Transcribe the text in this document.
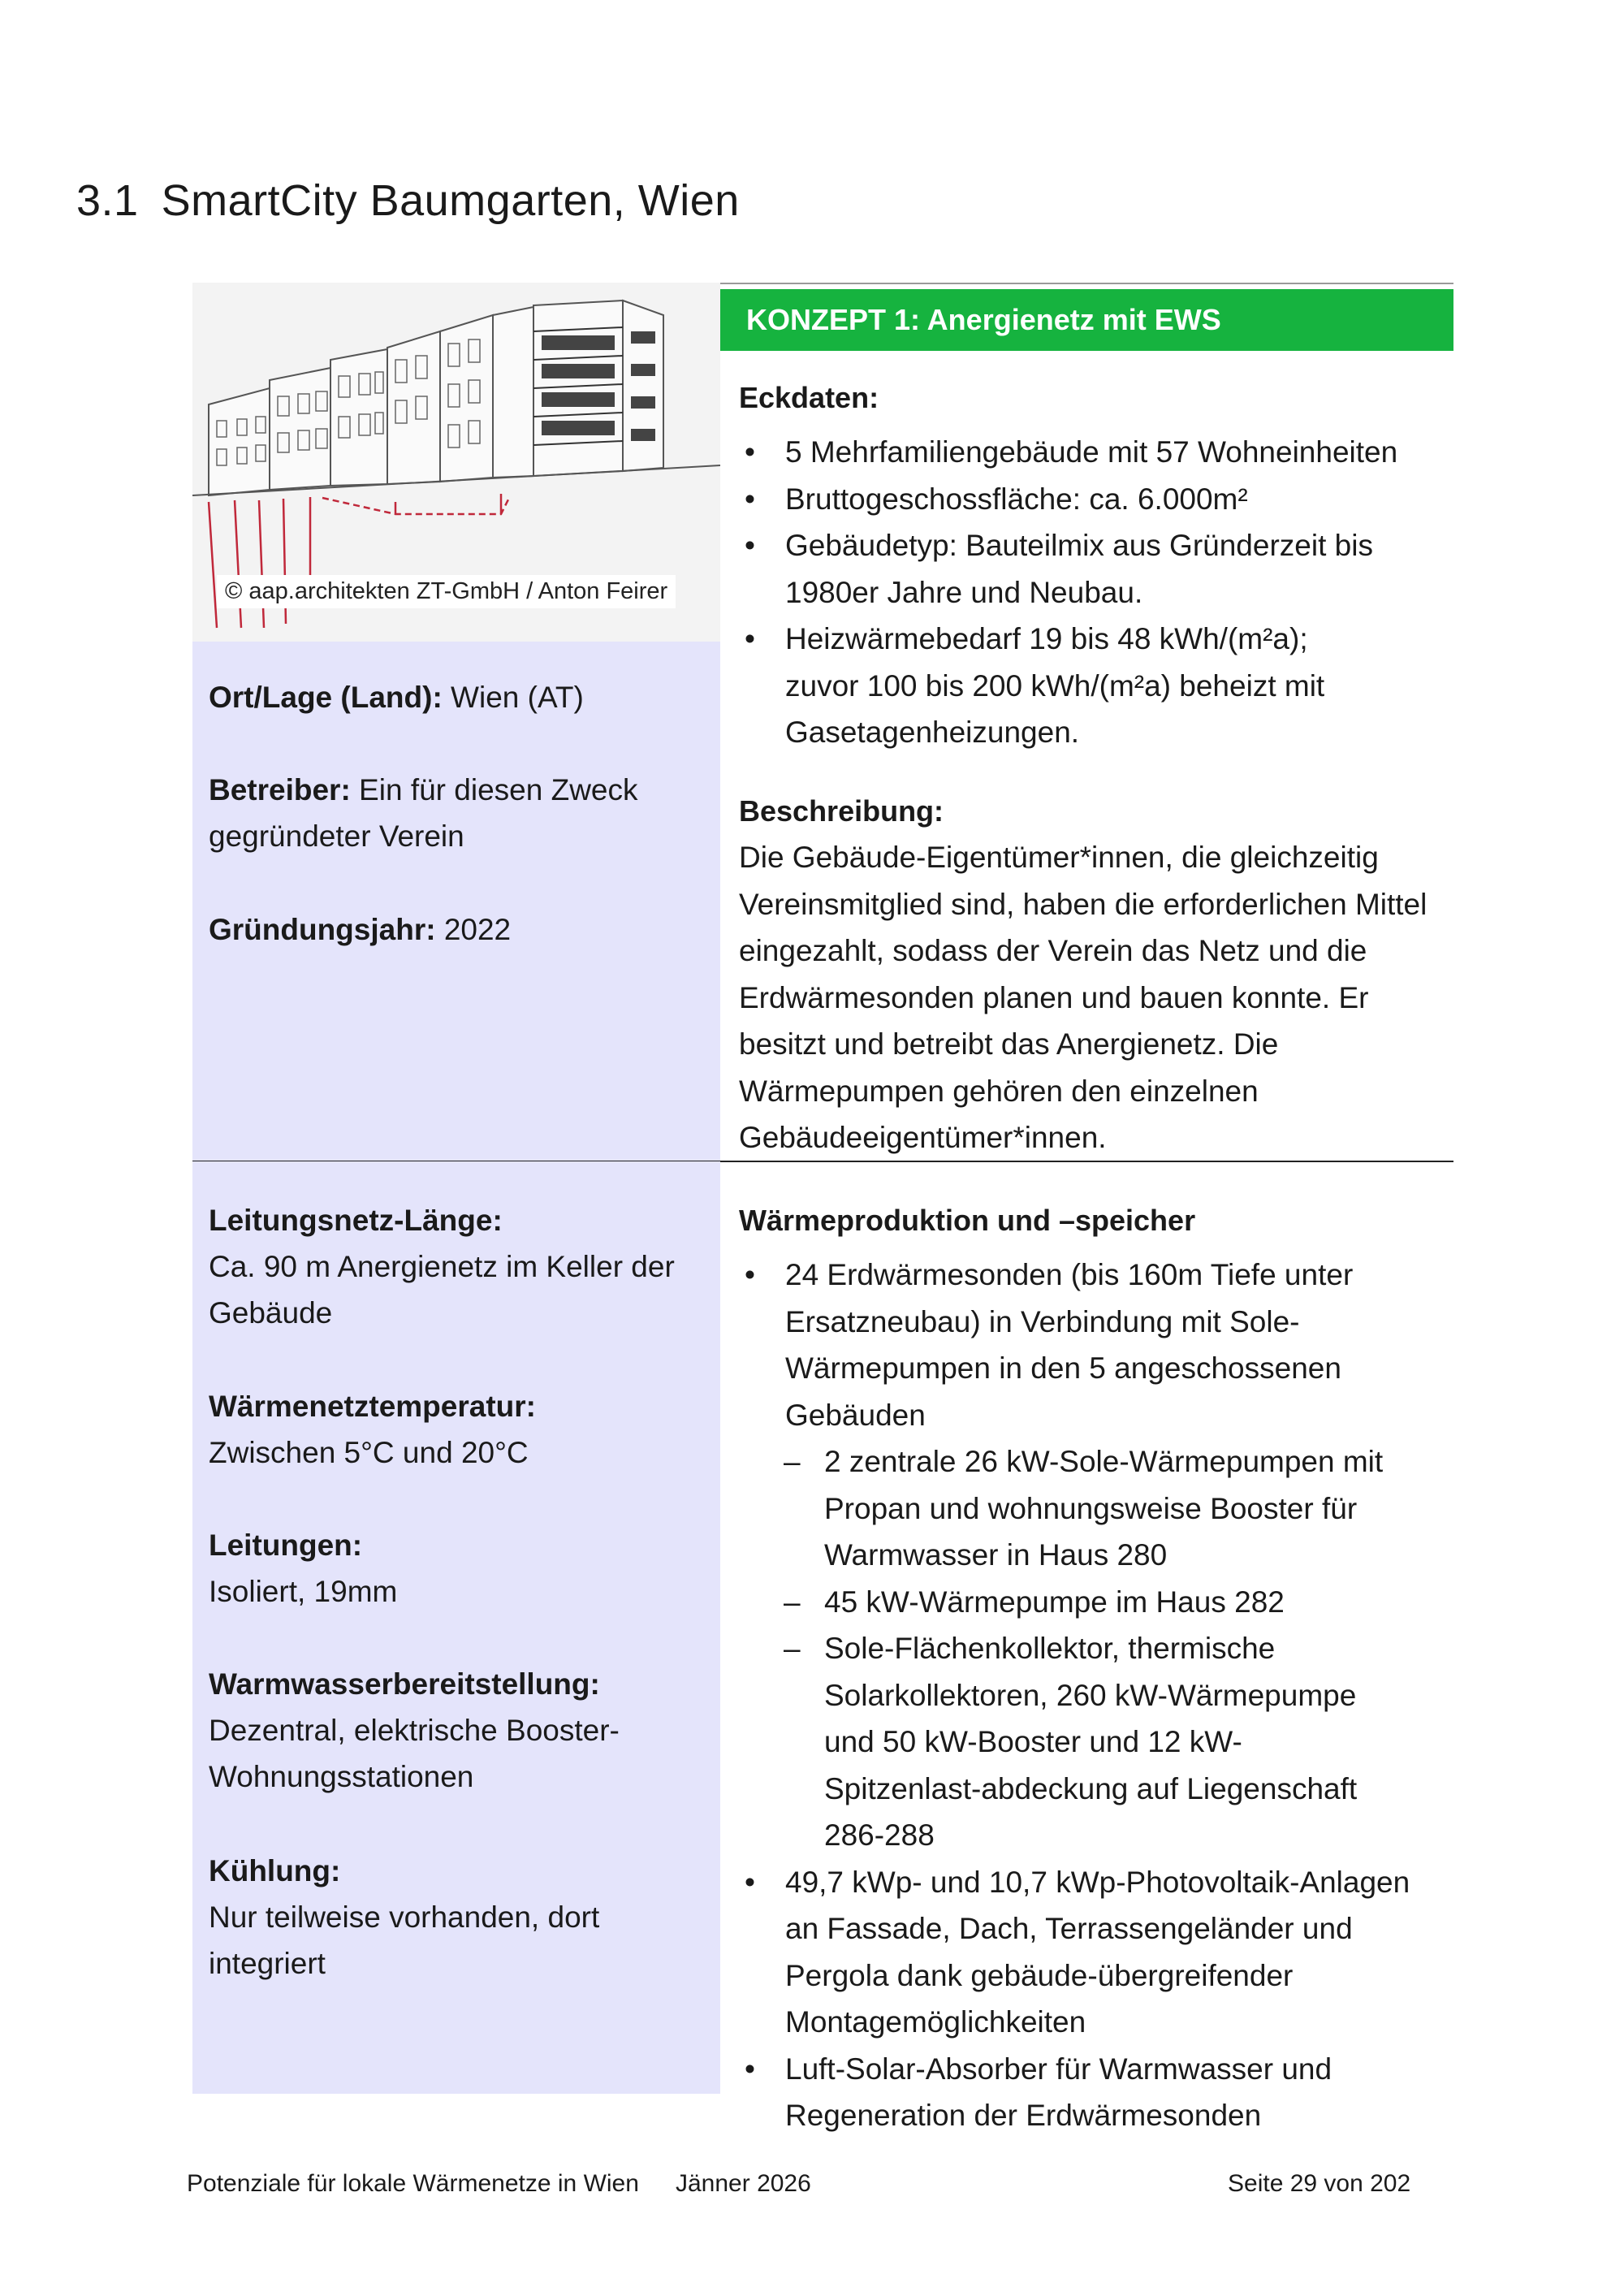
3.1 SmartCity Baumgarten, Wien
© aap.architekten ZT-GmbH / Anton Feirer
Ort/Lage (Land): Wien (AT)
Betreiber: Ein für diesen Zweck gegründeter Verein
Gründungsjahr: 2022
KONZEPT 1: Anergienetz mit EWS
Eckdaten:
• 5 Mehrfamiliengebäude mit 57 Wohneinheiten
• Bruttogeschossfläche: ca. 6.000m²
• Gebäudetyp: Bauteilmix aus Gründerzeit bis 1980er Jahre und Neubau.
• Heizwärmebedarf 19 bis 48 kWh/(m²a); zuvor 100 bis 200 kWh/(m²a) beheizt mit Gasetagenheizungen.
Beschreibung:
Die Gebäude-Eigentümer*innen, die gleichzeitig Vereinsmitglied sind, haben die erforderlichen Mittel eingezahlt, sodass der Verein das Netz und die Erdwärmesonden planen und bauen konnte. Er besitzt und betreibt das Anergienetz. Die Wärmepumpen gehören den einzelnen Gebäudeeigentümer*innen.
Leitungsnetz-Länge:
Ca. 90 m Anergienetz im Keller der Gebäude
Wärmenetztemperatur:
Zwischen 5°C und 20°C
Leitungen:
Isoliert, 19mm
Warmwasserbereitstellung:
Dezentral, elektrische Booster-Wohnungsstationen
Kühlung:
Nur teilweise vorhanden, dort integriert
Wärmeproduktion und –speicher
• 24 Erdwärmesonden (bis 160m Tiefe unter Ersatzneubau) in Verbindung mit Sole-Wärmepumpen in den 5 angeschossenen Gebäuden
– 2 zentrale 26 kW-Sole-Wärmepumpen mit Propan und wohnungsweise Booster für Warmwasser in Haus 280
– 45 kW-Wärmepumpe im Haus 282
– Sole-Flächenkollektor, thermische Solarkollektoren, 260 kW-Wärmepumpe und 50 kW-Booster und 12 kW-Spitzenlast-abdeckung auf Liegenschaft 286-288
• 49,7 kWp- und 10,7 kWp-Photovoltaik-Anlagen an Fassade, Dach, Terrassengeländer und Pergola dank gebäude-übergreifender Montagemöglichkeiten
• Luft-Solar-Absorber für Warmwasser und Regeneration der Erdwärmesonden
Potenziale für lokale Wärmenetze in Wien Jänner 2026	Seite 29 von 202
